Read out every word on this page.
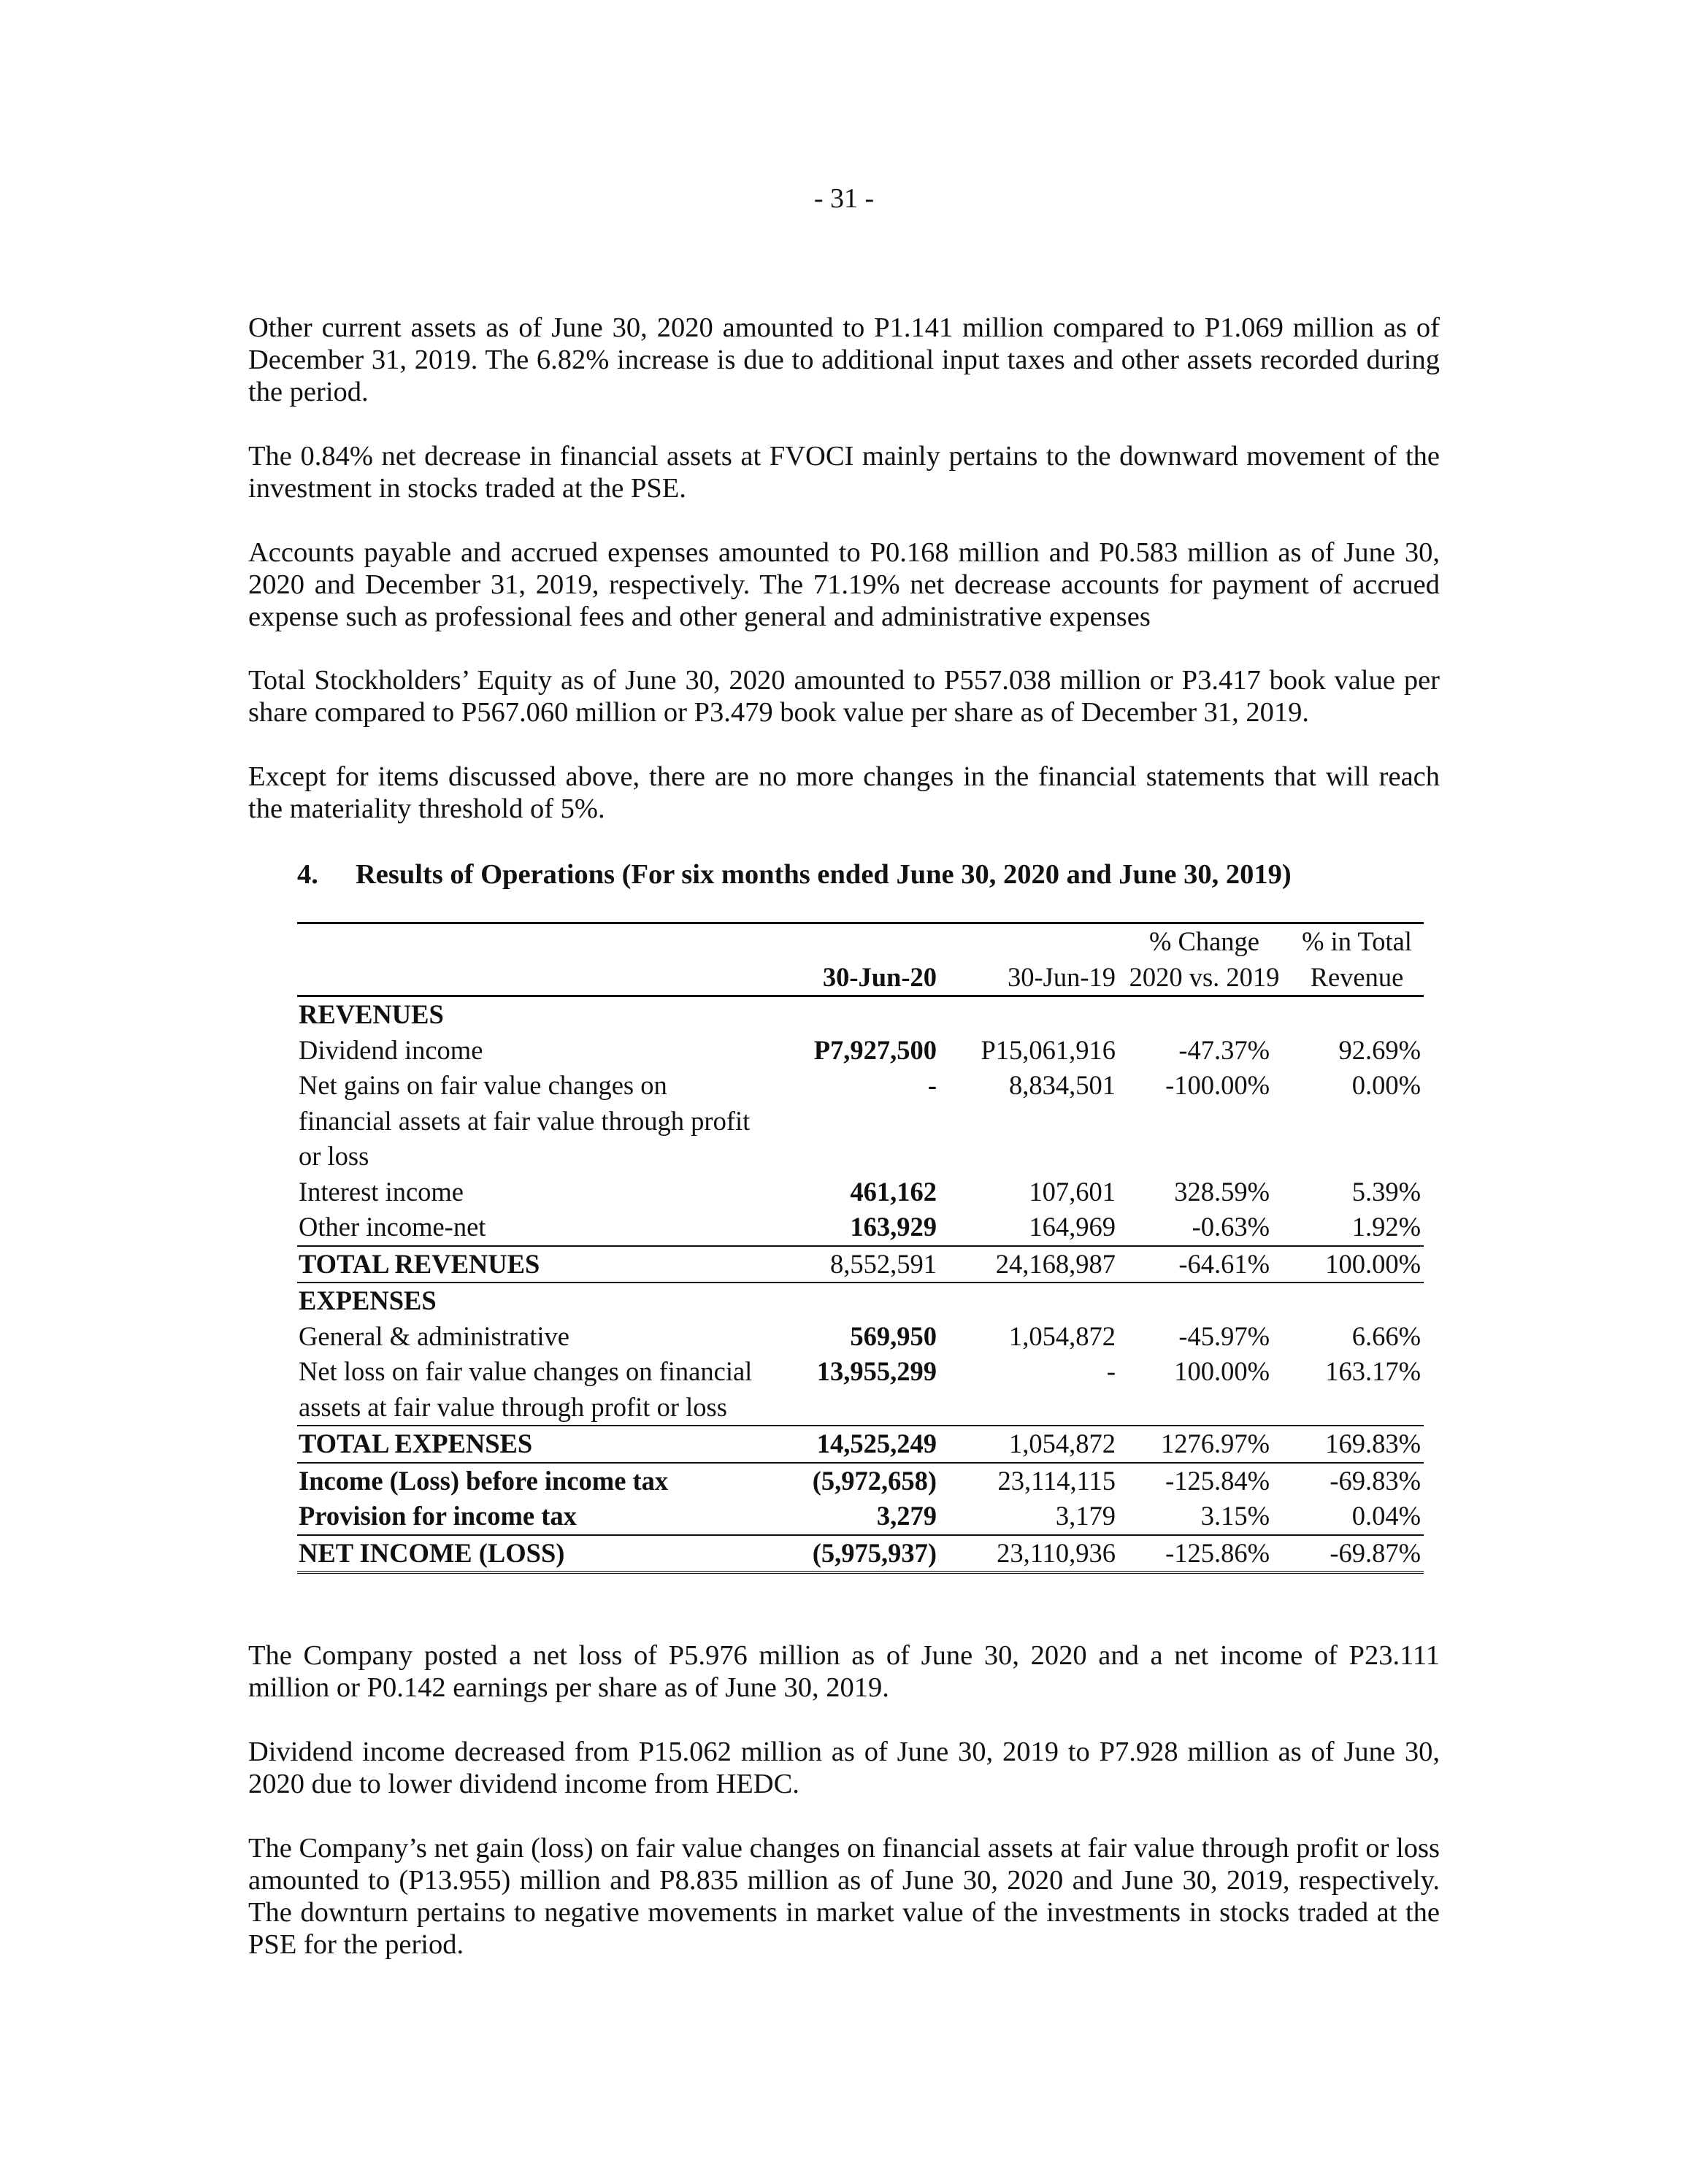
- 31 -

Other current assets as of June 30, 2020 amounted to P1.141 million compared to P1.069 million as of December 31, 2019. The 6.82% increase is due to additional input taxes and other assets recorded during the period.

The 0.84% net decrease in financial assets at FVOCI mainly pertains to the downward movement of the investment in stocks traded at the PSE.

Accounts payable and accrued expenses amounted to P0.168 million and P0.583 million as of June 30, 2020 and December 31, 2019, respectively. The 71.19% net decrease accounts for payment of accrued expense such as professional fees and other general and administrative expenses

Total Stockholders’ Equity as of June 30, 2020 amounted to P557.038 million or P3.417 book value per share compared to P567.060 million or P3.479 book value per share as of December 31, 2019.

Except for items discussed above, there are no more changes in the financial statements that will reach the materiality threshold of 5%.

4.	Results of Operations (For six months ended June 30, 2020 and June 30, 2019)
			% Change	% in Total
	30-Jun-20	30-Jun-19	2020 vs. 2019	Revenue
REVENUES				
Dividend income	P7,927,500	P15,061,916	-47.37%	92.69%
Net gains on fair value changes on financial assets at fair value through profit or loss	-	8,834,501	-100.00%	0.00%
Interest income	461,162	107,601	328.59%	5.39%
Other income-net	163,929	164,969	-0.63%	1.92%
TOTAL REVENUES	8,552,591	24,168,987	-64.61%	100.00%
EXPENSES				
General & administrative	569,950	1,054,872	-45.97%	6.66%
Net loss on fair value changes on financial assets at fair value through profit or loss	13,955,299	-	100.00%	163.17%
TOTAL EXPENSES	14,525,249	1,054,872	1276.97%	169.83%
Income (Loss) before income tax	(5,972,658)	23,114,115	-125.84%	-69.83%
Provision for income tax	3,279	3,179	3.15%	0.04%
NET INCOME (LOSS)	(5,975,937)	23,110,936	-125.86%	-69.87%

The Company posted a net loss of P5.976 million as of June 30, 2020 and a net income of P23.111 million or P0.142 earnings per share as of June 30, 2019.

Dividend income decreased from P15.062 million as of June 30, 2019 to P7.928 million as of June 30, 2020 due to lower dividend income from HEDC.

The Company’s net gain (loss) on fair value changes on financial assets at fair value through profit or loss amounted to (P13.955) million and P8.835 million as of June 30, 2020 and June 30, 2019, respectively. The downturn pertains to negative movements in market value of the investments in stocks traded at the PSE for the period.
